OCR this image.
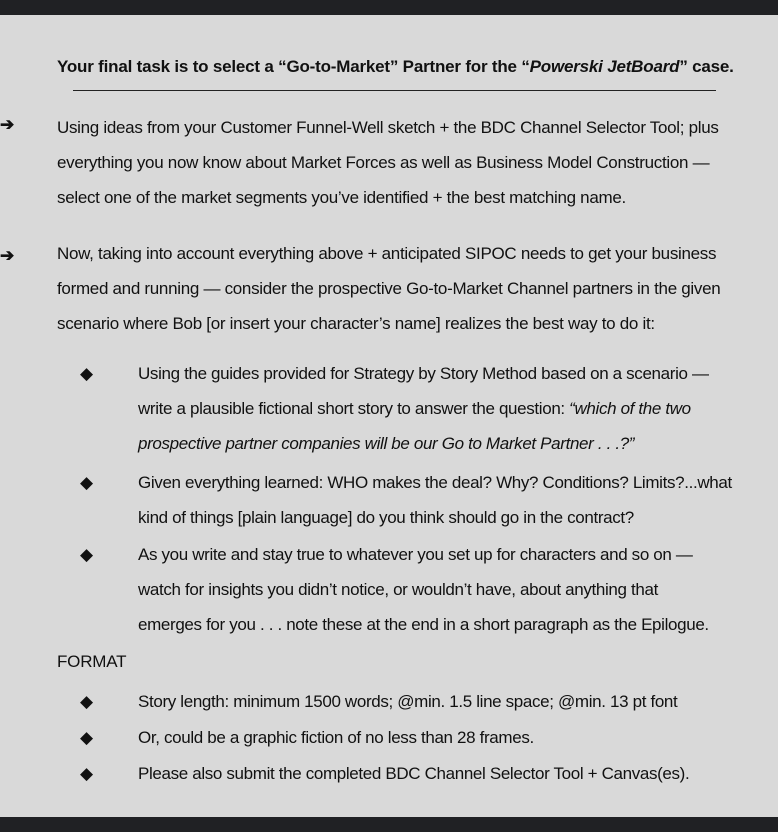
Your final task is to select a “Go-to-Market” Partner for the “Powerski JetBoard” case.
➔	Using ideas from your Customer Funnel-Well sketch + the BDC Channel Selector Tool; plus
everything you now know about Market Forces as well as Business Model Construction —
select one of the market segments you’ve identified + the best matching name.
➔	Now, taking into account everything above + anticipated SIPOC needs to get your business
formed and running — consider the prospective Go-to-Market Channel partners in the given
scenario where Bob [or insert your character’s name] realizes the best way to do it:
◆	Using the guides provided for Strategy by Story Method based on a scenario —
write a plausible fictional short story to answer the question: “which of the two
prospective partner companies will be our Go to Market Partner . . .?”
◆	Given everything learned: WHO makes the deal? Why? Conditions? Limits?...what
kind of things [plain language] do you think should go in the contract?
◆	As you write and stay true to whatever you set up for characters and so on —
watch for insights you didn’t notice, or wouldn’t have, about anything that
emerges for you . . . note these at the end in a short paragraph as the Epilogue.
FORMAT
◆	Story length: minimum 1500 words; @min. 1.5 line space; @min. 13 pt font
◆	Or, could be a graphic fiction of no less than 28 frames.
◆	Please also submit the completed BDC Channel Selector Tool + Canvas(es).
